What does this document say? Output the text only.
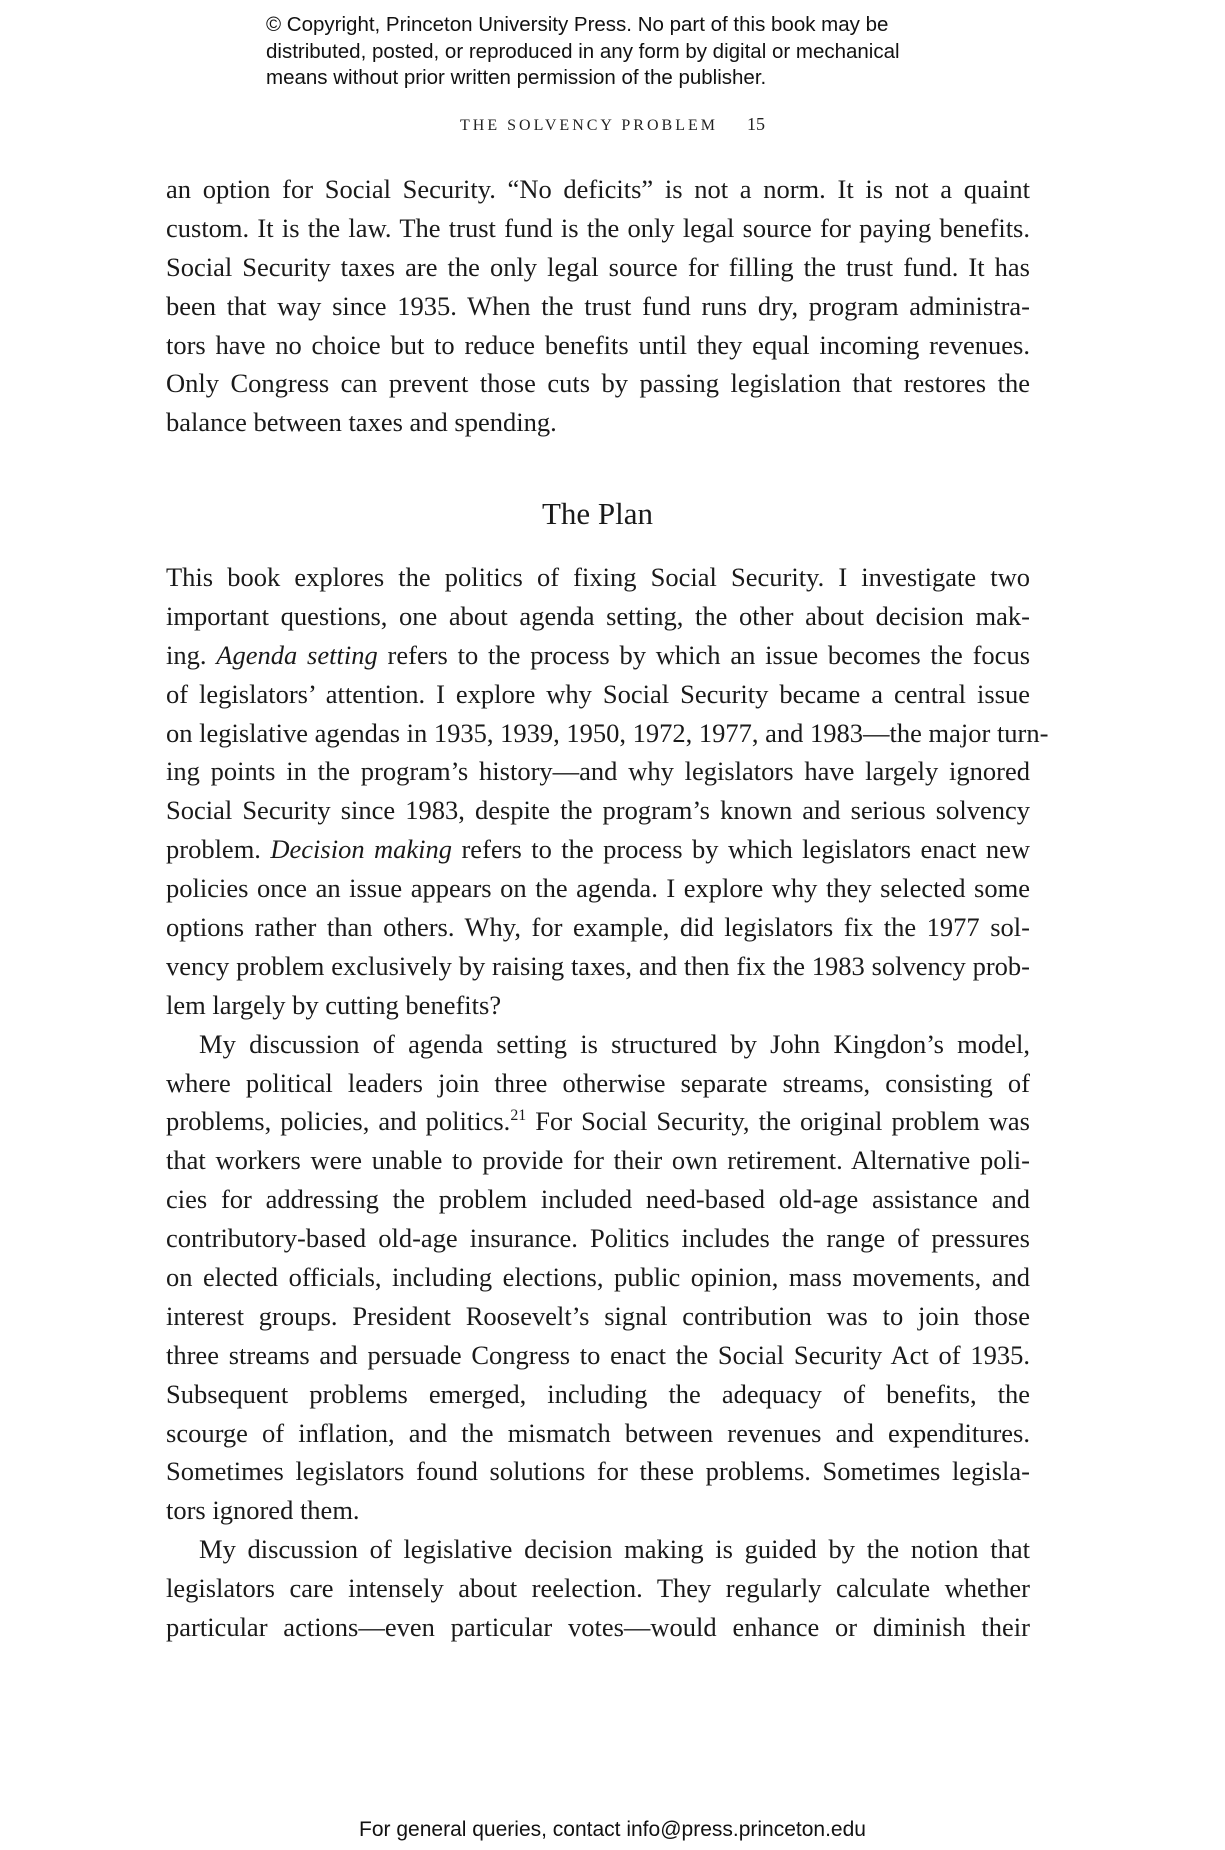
© Copyright, Princeton University Press. No part of this book may be
distributed, posted, or reproduced in any form by digital or mechanical
means without prior written permission of the publisher.
THE SOLVENCY PROBLEM 15
an option for Social Security. “No deficits” is not a norm. It is not a quaint
custom. It is the law. The trust fund is the only legal source for paying benefits.
Social Security taxes are the only legal source for filling the trust fund. It has
been that way since 1935. When the trust fund runs dry, program administra-
tors have no choice but to reduce benefits until they equal incoming revenues.
Only Congress can prevent those cuts by passing legislation that restores the
balance between taxes and spending.
The Plan
This book explores the politics of fixing Social Security. I investigate two
important questions, one about agenda setting, the other about decision mak-
ing. Agenda setting refers to the process by which an issue becomes the focus
of legislators’ attention. I explore why Social Security became a central issue
on legislative agendas in 1935, 1939, 1950, 1972, 1977, and 1983—the major turn-
ing points in the program’s history—and why legislators have largely ignored
Social Security since 1983, despite the program’s known and serious solvency
problem. Decision making refers to the process by which legislators enact new
policies once an issue appears on the agenda. I explore why they selected some
options rather than others. Why, for example, did legislators fix the 1977 sol-
vency problem exclusively by raising taxes, and then fix the 1983 solvency prob-
lem largely by cutting benefits?
My discussion of agenda setting is structured by John Kingdon’s model,
where political leaders join three otherwise separate streams, consisting of
problems, policies, and politics.$^{21}$ For Social Security, the original problem was
that workers were unable to provide for their own retirement. Alternative poli-
cies for addressing the problem included need-based old-age assistance and
contributory-based old-age insurance. Politics includes the range of pressures
on elected officials, including elections, public opinion, mass movements, and
interest groups. President Roosevelt’s signal contribution was to join those
three streams and persuade Congress to enact the Social Security Act of 1935.
Subsequent problems emerged, including the adequacy of benefits, the
scourge of inflation, and the mismatch between revenues and expenditures.
Sometimes legislators found solutions for these problems. Sometimes legisla-
tors ignored them.
My discussion of legislative decision making is guided by the notion that
legislators care intensely about reelection. They regularly calculate whether
particular actions—even particular votes—would enhance or diminish their
For general queries, contact info@press.princeton.edu
